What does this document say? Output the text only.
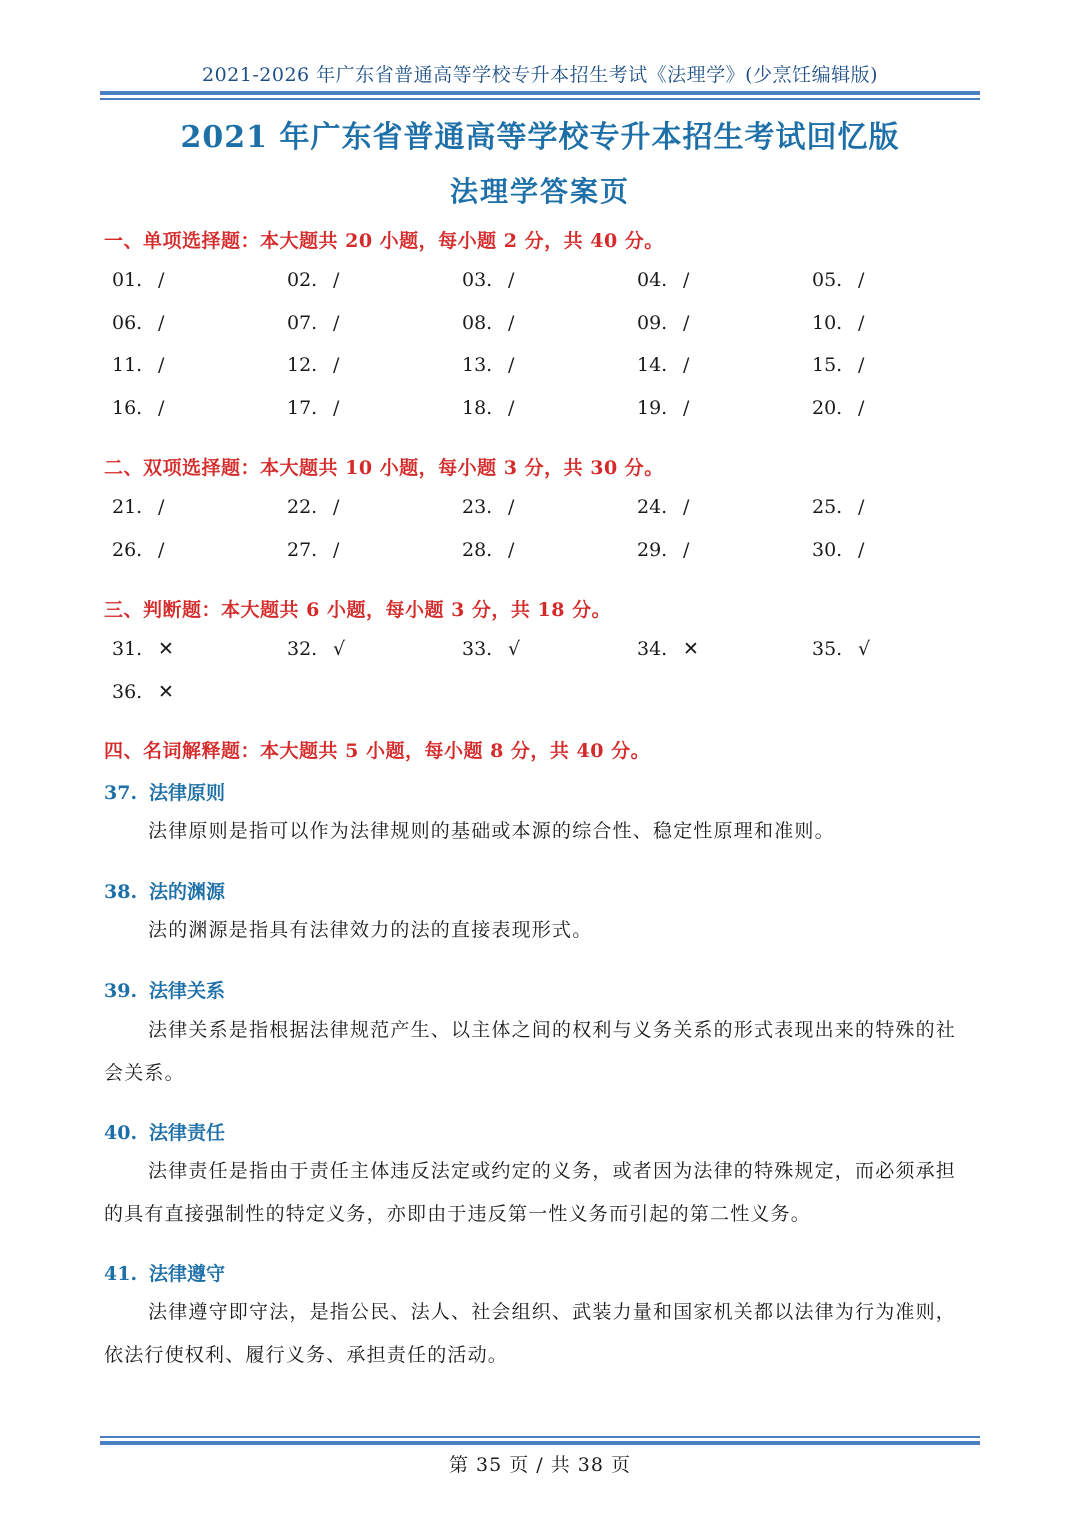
2021-2026 年广东省普通高等学校专升本招生考试《法理学》(少烹饪编辑版)
2021 年广东省普通高等学校专升本招生考试回忆版
法理学答案页
一、单项选择题：本大题共 20 小题，每小题 2 分，共 40 分。
01. /	02. /	03. /	04. /	05. /
06. /	07. /	08. /	09. /	10. /
11. /	12. /	13. /	14. /	15. /
16. /	17. /	18. /	19. /	20. /
二、双项选择题：本大题共 10 小题，每小题 3 分，共 30 分。
21. /	22. /	23. /	24. /	25. /
26. /	27. /	28. /	29. /	30. /
三、判断题：本大题共 6 小题，每小题 3 分，共 18 分。
31. ✕	32. √	33. √	34. ✕	35. √
36. ✕
四、名词解释题：本大题共 5 小题，每小题 8 分，共 40 分。
37. 法律原则
法律原则是指可以作为法律规则的基础或本源的综合性、稳定性原理和准则。
38. 法的渊源
法的渊源是指具有法律效力的法的直接表现形式。
39. 法律关系
法律关系是指根据法律规范产生、以主体之间的权利与义务关系的形式表现出来的特殊的社会关系。
40. 法律责任
法律责任是指由于责任主体违反法定或约定的义务，或者因为法律的特殊规定，而必须承担的具有直接强制性的特定义务，亦即由于违反第一性义务而引起的第二性义务。
41. 法律遵守
法律遵守即守法，是指公民、法人、社会组织、武装力量和国家机关都以法律为行为准则，依法行使权利、履行义务、承担责任的活动。
第 35 页 / 共 38 页
